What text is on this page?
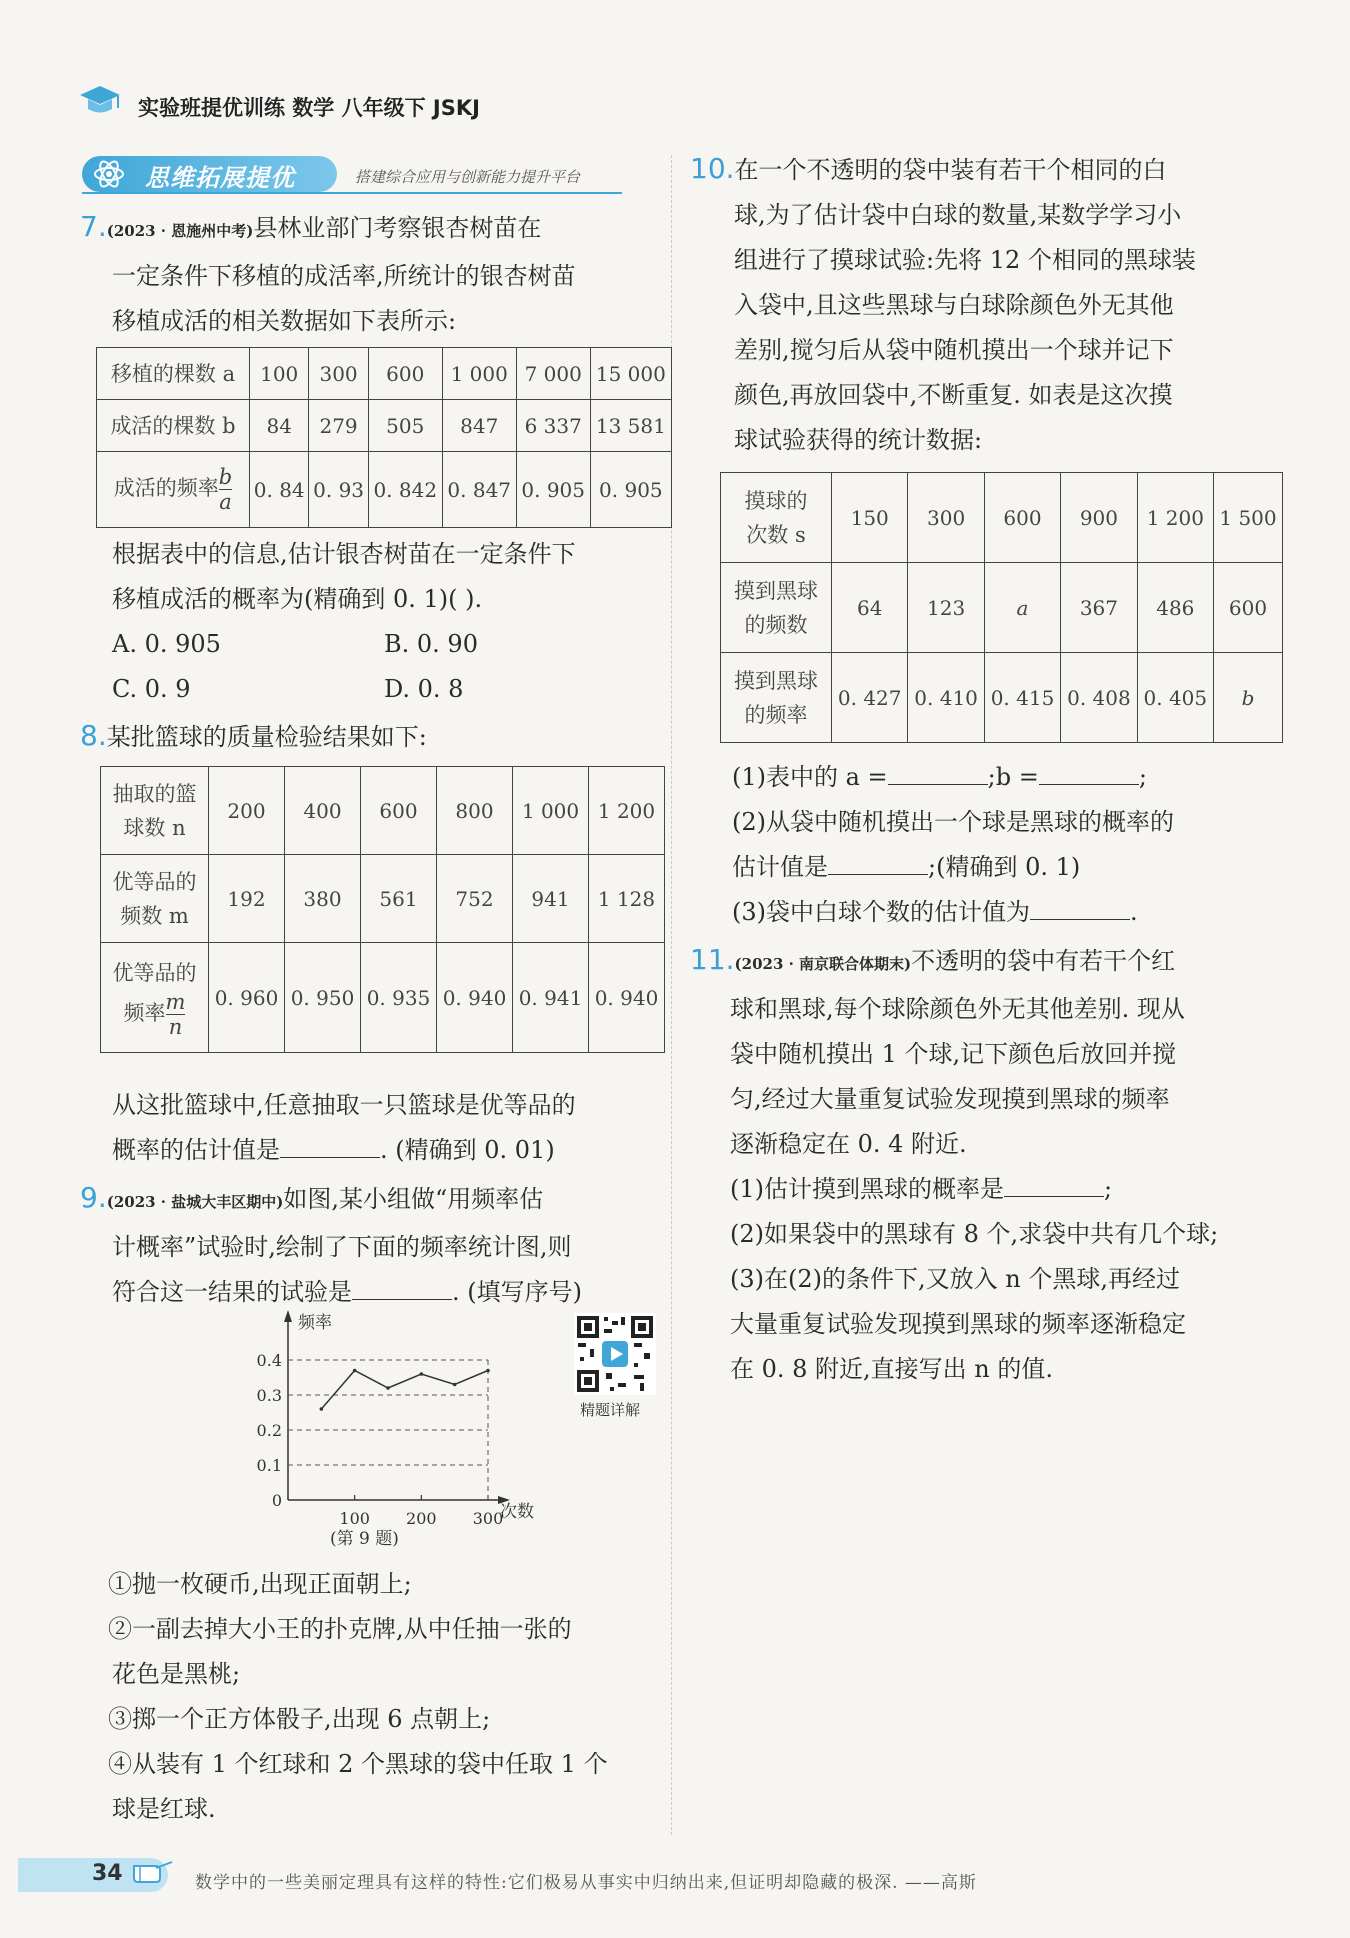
实验班提优训练 数学 八年级下 JSKJ
思维拓展提优	搭建综合应用与创新能力提升平台
7.(2023 · 恩施州中考)县林业部门考察银杏树苗在
一定条件下移植的成活率,所统计的银杏树苗
移植成活的相关数据如下表所示:
移植的棵数 a	100	300	600	1 000	7 000	15 000
成活的棵数 b	84	279	505	847	6 337	13 581
成活的频率 $\frac{b}{a}$	0. 84	0. 93	0. 842	0. 847	0. 905	0. 905
根据表中的信息,估计银杏树苗在一定条件下
移植成活的概率为(精确到 0. 1)( ).
A. 0. 905	B. 0. 90
C. 0. 9	D. 0. 8
8.某批篮球的质量检验结果如下:
抽取的篮
球数 n	200	400	600	800	1 000	1 200

优等品的
频数 m	192	380	561	752	941	1 128

优等品的
频率 $\frac{m}{n}$	0. 960	0. 950	0. 935	0. 940	0. 941	0. 940
从这批篮球中,任意抽取一只篮球是优等品的
概率的估计值是	. (精确到 0. 01)
9.(2023 · 盐城大丰区期中)如图,某小组做“用频率估
计概率”试验时,绘制了下面的频率统计图,则
符合这一结果的试验是	. (填写序号)
频率
次数
0
0.1
0.2
0.3
0.4
100 200 300
(第 9 题)
精题详解
①抛一枚硬币,出现正面朝上;
②一副去掉大小王的扑克牌,从中任抽一张的
花色是黑桃;
③掷一个正方体骰子,出现 6 点朝上;
④从装有 1 个红球和 2 个黑球的袋中任取 1 个
球是红球.
10.在一个不透明的袋中装有若干个相同的白
球,为了估计袋中白球的数量,某数学学习小
组进行了摸球试验:先将 12 个相同的黑球装
入袋中,且这些黑球与白球除颜色外无其他
差别,搅匀后从袋中随机摸出一个球并记下
颜色,再放回袋中,不断重复. 如表是这次摸
球试验获得的统计数据:
摸球的
次数 s	150	300	600	900	1 200	1 500

摸到黑球
的频数	64	123	a	367	486	600

摸到黑球
的频率	0. 427	0. 410	0. 415	0. 408	0. 405	b
(1)表中的 a =	;b =	;
(2)从袋中随机摸出一个球是黑球的概率的
估计值是	;(精确到 0. 1)
(3)袋中白球个数的估计值为	.
11.(2023 · 南京联合体期末)不透明的袋中有若干个红
球和黑球,每个球除颜色外无其他差别. 现从
袋中随机摸出 1 个球,记下颜色后放回并搅
匀,经过大量重复试验发现摸到黑球的频率
逐渐稳定在 0. 4 附近.
(1)估计摸到黑球的概率是	;
(2)如果袋中的黑球有 8 个,求袋中共有几个球;
(3)在(2)的条件下,又放入 n 个黑球,再经过
大量重复试验发现摸到黑球的频率逐渐稳定
在 0. 8 附近,直接写出 n 的值.
34	数学中的一些美丽定理具有这样的特性:它们极易从事实中归纳出来,但证明却隐藏的极深. ——高斯
